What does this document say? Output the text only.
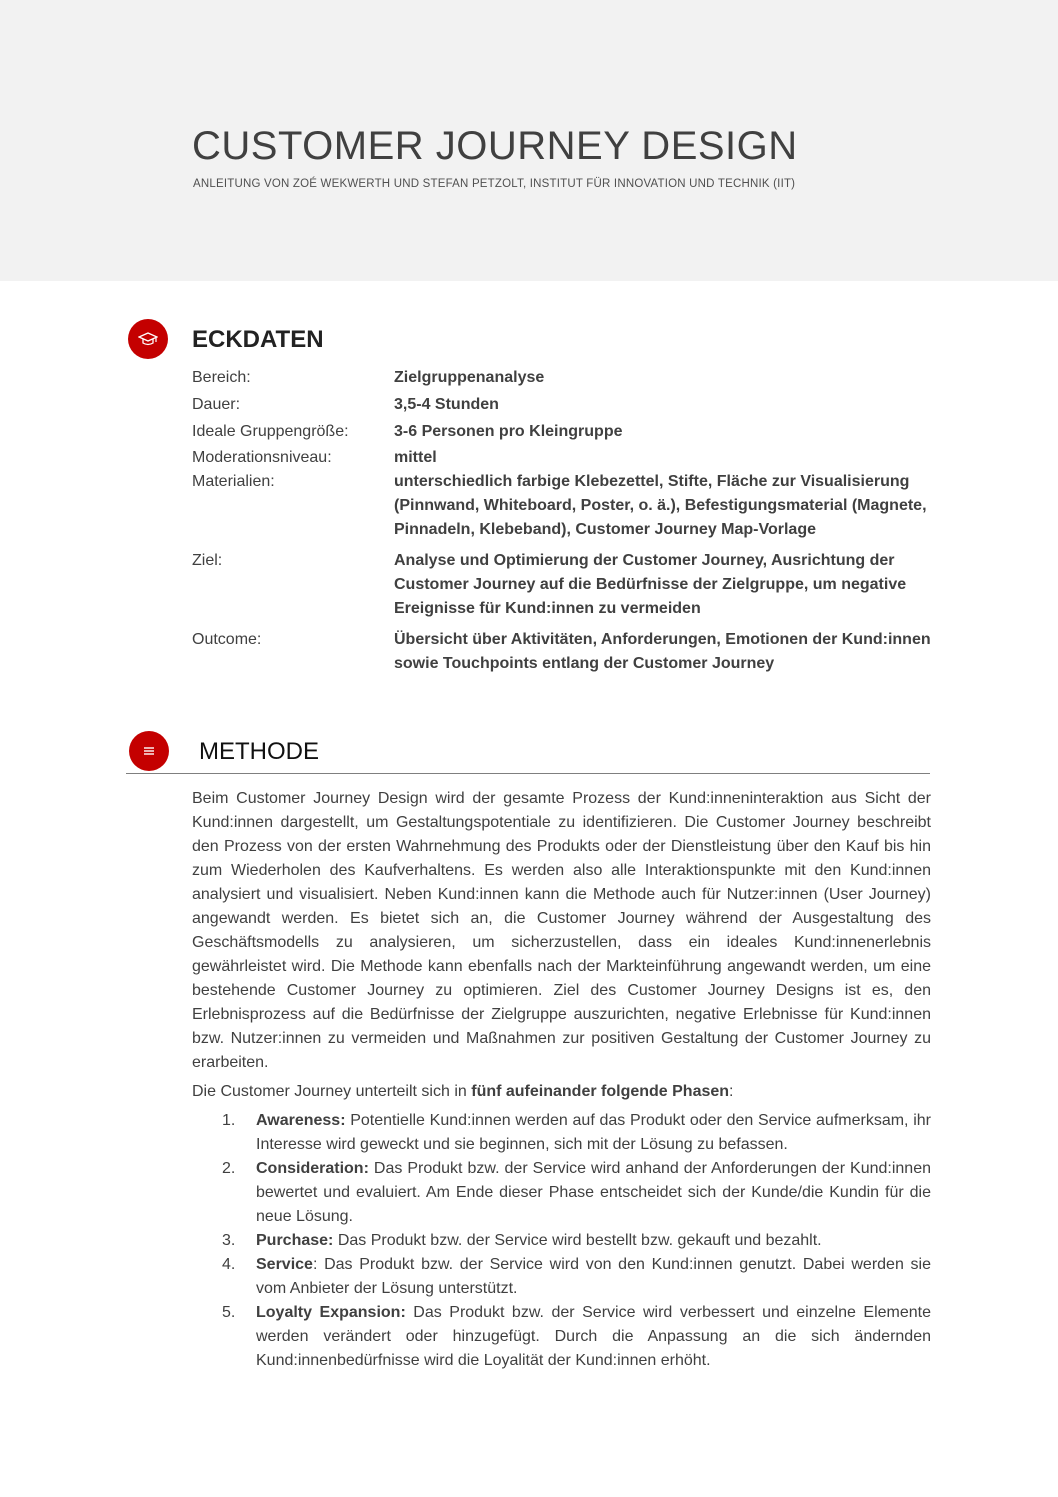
CUSTOMER JOURNEY DESIGN
ANLEITUNG VON ZOÉ WEKWERTH UND STEFAN PETZOLT, INSTITUT FÜR INNOVATION UND TECHNIK (IIT)
ECKDATEN
Bereich:	Zielgruppenanalyse
Dauer:	3,5-4 Stunden
Ideale Gruppengröße:	3-6 Personen pro Kleingruppe
Moderationsniveau:	mittel
Materialien:	unterschiedlich farbige Klebezettel, Stifte, Fläche zur Visualisierung (Pinnwand, Whiteboard, Poster, o. ä.), Befestigungsmaterial (Magnete, Pinnadeln, Klebeband), Customer Journey Map-Vorlage
Ziel:	Analyse und Optimierung der Customer Journey, Ausrichtung der Customer Journey auf die Bedürfnisse der Zielgruppe, um negative Ereignisse für Kund:innen zu vermeiden
Outcome:	Übersicht über Aktivitäten, Anforderungen, Emotionen der Kund:innen sowie Touchpoints entlang der Customer Journey
METHODE

Beim Customer Journey Design wird der gesamte Prozess der Kund:inneninteraktion aus Sicht der Kund:innen dargestellt, um Gestaltungspotentiale zu identifizieren. Die Customer Journey beschreibt den Prozess von der ersten Wahrnehmung des Produkts oder der Dienstleistung über den Kauf bis hin zum Wiederholen des Kaufverhaltens. Es werden also alle Interaktionspunkte mit den Kund:innen analysiert und visualisiert. Neben Kund:innen kann die Methode auch für Nutzer:innen (User Journey) angewandt werden. Es bietet sich an, die Customer Journey während der Ausgestaltung des Geschäftsmodells zu analysieren, um sicherzustellen, dass ein ideales Kund:innenerlebnis gewährleistet wird. Die Methode kann ebenfalls nach der Markteinführung angewandt werden, um eine bestehende Customer Journey zu optimieren. Ziel des Customer Journey Designs ist es, den Erlebnisprozess auf die Bedürfnisse der Zielgruppe auszurichten, negative Erlebnisse für Kund:innen bzw. Nutzer:innen zu vermeiden und Maßnahmen zur positiven Gestaltung der Customer Journey zu erarbeiten.

Die Customer Journey unterteilt sich in fünf aufeinander folgende Phasen:

1.	Awareness: Potentielle Kund:innen werden auf das Produkt oder den Service aufmerksam, ihr Interesse wird geweckt und sie beginnen, sich mit der Lösung zu befassen.
2.	Consideration: Das Produkt bzw. der Service wird anhand der Anforderungen der Kund:innen bewertet und evaluiert. Am Ende dieser Phase entscheidet sich der Kunde/die Kundin für die neue Lösung.
3.	Purchase: Das Produkt bzw. der Service wird bestellt bzw. gekauft und bezahlt.
4.	Service: Das Produkt bzw. der Service wird von den Kund:innen genutzt. Dabei werden sie vom Anbieter der Lösung unterstützt.
5.	Loyalty Expansion: Das Produkt bzw. der Service wird verbessert und einzelne Elemente werden verändert oder hinzugefügt. Durch die Anpassung an die sich ändernden Kund:innenbedürfnisse wird die Loyalität der Kund:innen erhöht.
